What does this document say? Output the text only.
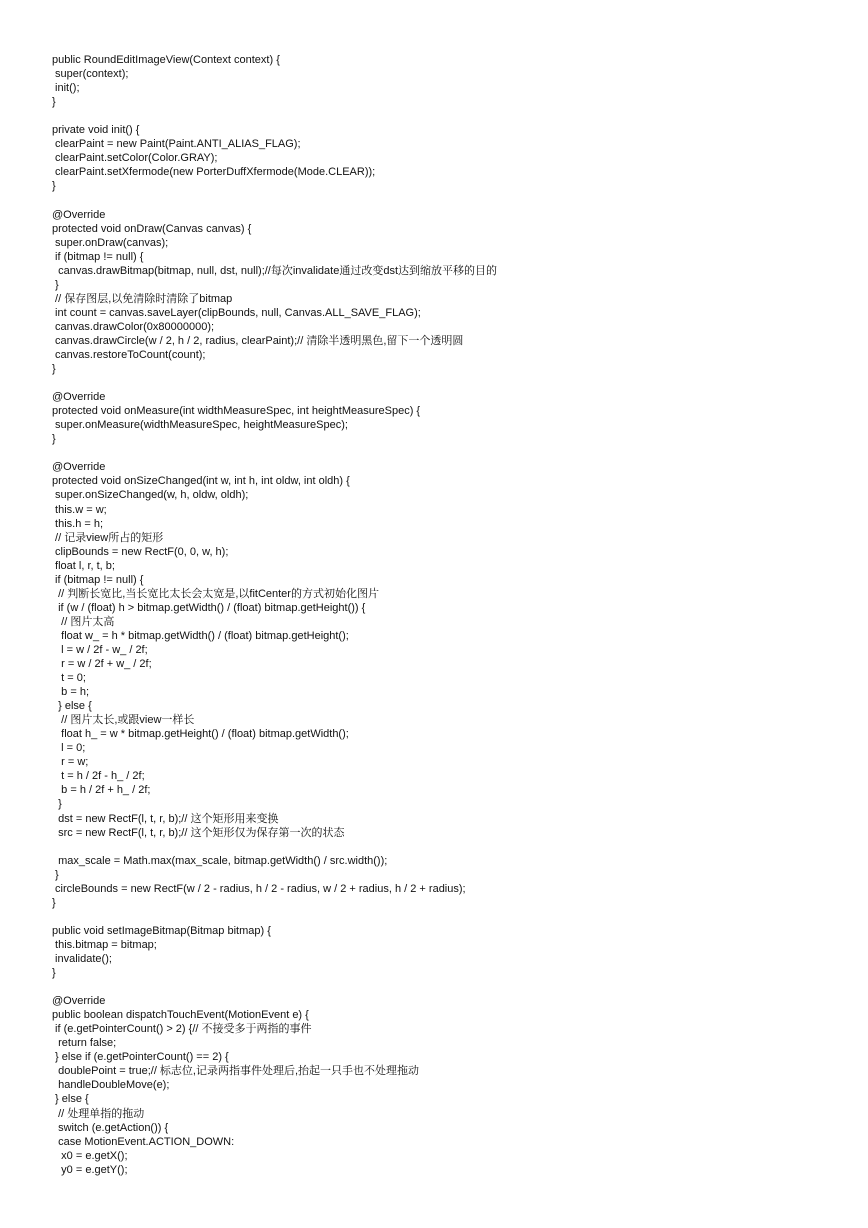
public RoundEditImageView(Context context) {
super(context);
init();
}
private void init() {
clearPaint = new Paint(Paint.ANTI_ALIAS_FLAG);
clearPaint.setColor(Color.GRAY);
clearPaint.setXfermode(new PorterDuffXfermode(Mode.CLEAR));
}
@Override
protected void onDraw(Canvas canvas) {
super.onDraw(canvas);
if (bitmap != null) {
canvas.drawBitmap(bitmap, null, dst, null);//每次invalidate通过改变dst达到缩放平移的目的
}
// 保存图层,以免清除时清除了bitmap
int count = canvas.saveLayer(clipBounds, null, Canvas.ALL_SAVE_FLAG);
canvas.drawColor(0x80000000);
canvas.drawCircle(w / 2, h / 2, radius, clearPaint);// 清除半透明黑色,留下一个透明圆
canvas.restoreToCount(count);
}
@Override
protected void onMeasure(int widthMeasureSpec, int heightMeasureSpec) {
super.onMeasure(widthMeasureSpec, heightMeasureSpec);
}
@Override
protected void onSizeChanged(int w, int h, int oldw, int oldh) {
super.onSizeChanged(w, h, oldw, oldh);
this.w = w;
this.h = h;
// 记录view所占的矩形
clipBounds = new RectF(0, 0, w, h);
float l, r, t, b;
if (bitmap != null) {
// 判断长宽比,当长宽比太长会太宽是,以fitCenter的方式初始化图片
if (w / (float) h > bitmap.getWidth() / (float) bitmap.getHeight()) {
// 图片太高
float w_ = h * bitmap.getWidth() / (float) bitmap.getHeight();
l = w / 2f - w_ / 2f;
r = w / 2f + w_ / 2f;
t = 0;
b = h;
} else {
// 图片太长,或跟view一样长
float h_ = w * bitmap.getHeight() / (float) bitmap.getWidth();
l = 0;
r = w;
t = h / 2f - h_ / 2f;
b = h / 2f + h_ / 2f;
}
dst = new RectF(l, t, r, b);// 这个矩形用来变换
src = new RectF(l, t, r, b);// 这个矩形仅为保存第一次的状态
max_scale = Math.max(max_scale, bitmap.getWidth() / src.width());
}
circleBounds = new RectF(w / 2 - radius, h / 2 - radius, w / 2 + radius, h / 2 + radius);
}
public void setImageBitmap(Bitmap bitmap) {
this.bitmap = bitmap;
invalidate();
}
@Override
public boolean dispatchTouchEvent(MotionEvent e) {
if (e.getPointerCount() > 2) {// 不接受多于两指的事件
return false;
} else if (e.getPointerCount() == 2) {
doublePoint = true;// 标志位,记录两指事件处理后,抬起一只手也不处理拖动
handleDoubleMove(e);
} else {
// 处理单指的拖动
switch (e.getAction()) {
case MotionEvent.ACTION_DOWN:
x0 = e.getX();
y0 = e.getY();
